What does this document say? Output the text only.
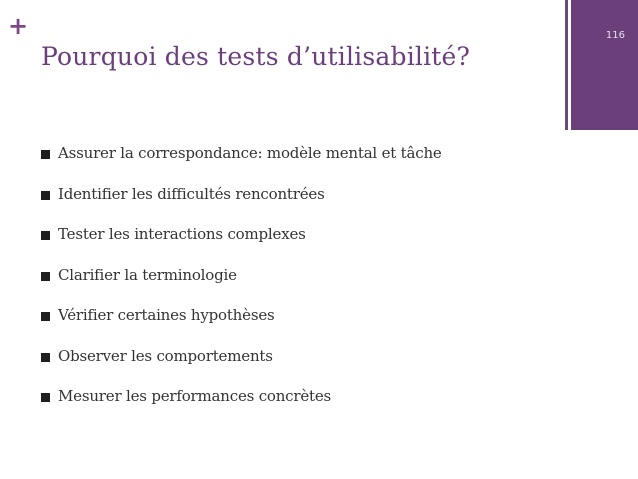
+
Pourquoi des tests d’utilisabilité?
116
Assurer la correspondance: modèle mental et tâche
Identifier les difficultés rencontrées
Tester les interactions complexes
Clarifier la terminologie
Vérifier certaines hypothèses
Observer les comportements
Mesurer les performances concrètes
